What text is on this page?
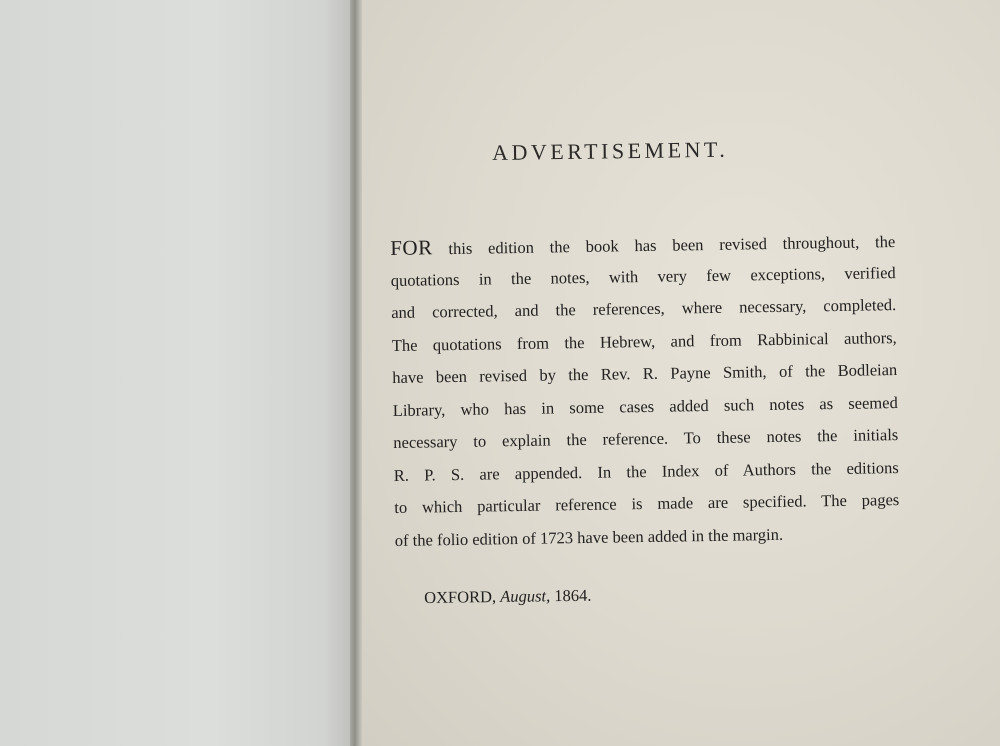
ADVERTISEMENT.
FOR this edition the book has been revised throughout, the
quotations in the notes, with very few exceptions, verified
and corrected, and the references, where necessary, completed.
The quotations from the Hebrew, and from Rabbinical authors,
have been revised by the Rev. R. Payne Smith, of the Bodleian
Library, who has in some cases added such notes as seemed
necessary to explain the reference. To these notes the initials
R. P. S. are appended. In the Index of Authors the editions
to which particular reference is made are specified. The pages
of the folio edition of 1723 have been added in the margin.
OXFORD, August, 1864.
